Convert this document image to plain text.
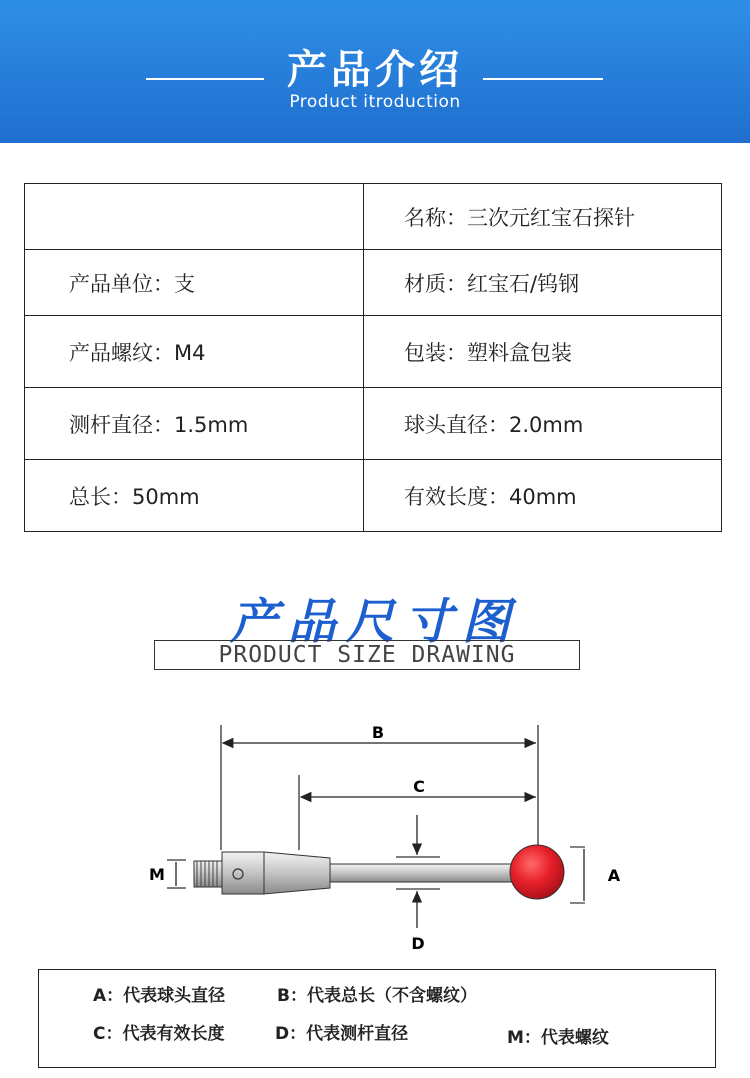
产品介绍
Product itroduction
	名称：三次元红宝石探针
产品单位：支	材质：红宝石/钨钢
产品螺纹：M4	包装：塑料盒包装
测杆直径：1.5mm	球头直径：2.0mm
总长：50mm	有效长度：40mm
产品尺寸图
PRODUCT SIZE DRAWING
B
C
D
A
M
A：代表球头直径	B：代表总长（不含螺纹）
C：代表有效长度	D：代表测杆直径	M：代表螺纹
